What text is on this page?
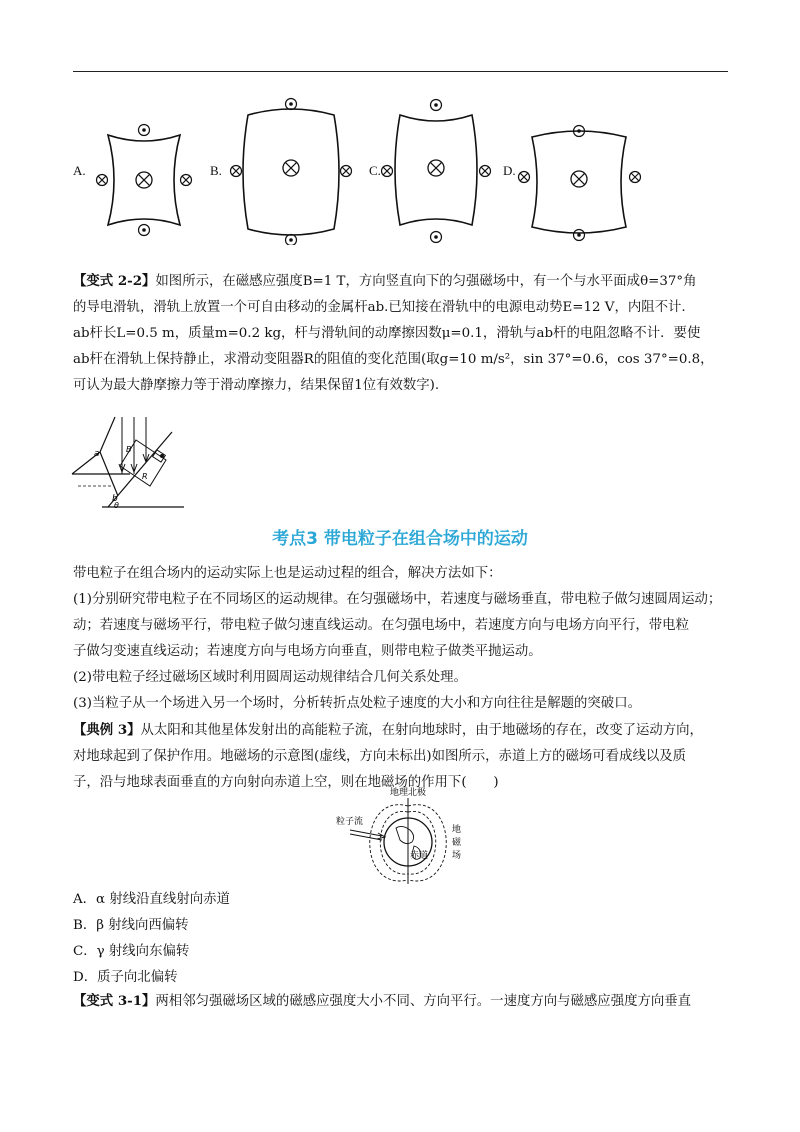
A.	B.	C.	D.

【变式 2-2】如图所示，在磁感应强度B=1 T，方向竖直向下的匀强磁场中，有一个与水平面成θ=37°角

的导电滑轨，滑轨上放置一个可自由移动的金属杆ab.已知接在滑轨中的电源电动势E=12 V，内阻不计.

ab杆长L=0.5 m，质量m=0.2 kg，杆与滑轨间的动摩擦因数μ=0.1，滑轨与ab杆的电阻忽略不计．要使

ab杆在滑轨上保持静止，求滑动变阻器R的阻值的变化范围(取g=10 m/s²，sin 37°=0.6，cos 37°=0.8，

可认为最大静摩擦力等于滑动摩擦力，结果保留1位有效数字).

a
b
B
R
θ
考点3 带电粒子在组合场中的运动

带电粒子在组合场内的运动实际上也是运动过程的组合，解决方法如下：

(1)分别研究带电粒子在不同场区的运动规律。在匀强磁场中，若速度与磁场垂直，带电粒子做匀速圆周运动；

动；若速度与磁场平行，带电粒子做匀速直线运动。在匀强电场中，若速度方向与电场方向平行，带电粒

子做匀变速直线运动；若速度方向与电场方向垂直，则带电粒子做类平抛运动。

(2)带电粒子经过磁场区域时利用圆周运动规律结合几何关系处理。

(3)当粒子从一个场进入另一个场时，分析转折点处粒子速度的大小和方向往往是解题的突破口。

【典例 3】从太阳和其他星体发射出的高能粒子流，在射向地球时，由于地磁场的存在，改变了运动方向，

对地球起到了保护作用。地磁场的示意图(虚线，方向未标出)如图所示，赤道上方的磁场可看成线以及质

子，沿与地球表面垂直的方向射向赤道上空，则在地磁场的作用下(　　)

地理北极
粒子流
地
磁
场
赤道
A．α 射线沿直线射向赤道
B．β 射线向西偏转
C．γ 射线向东偏转
D．质子向北偏转

【变式 3-1】两相邻匀强磁场区域的磁感应强度大小不同、方向平行。一速度方向与磁感应强度方向垂直
